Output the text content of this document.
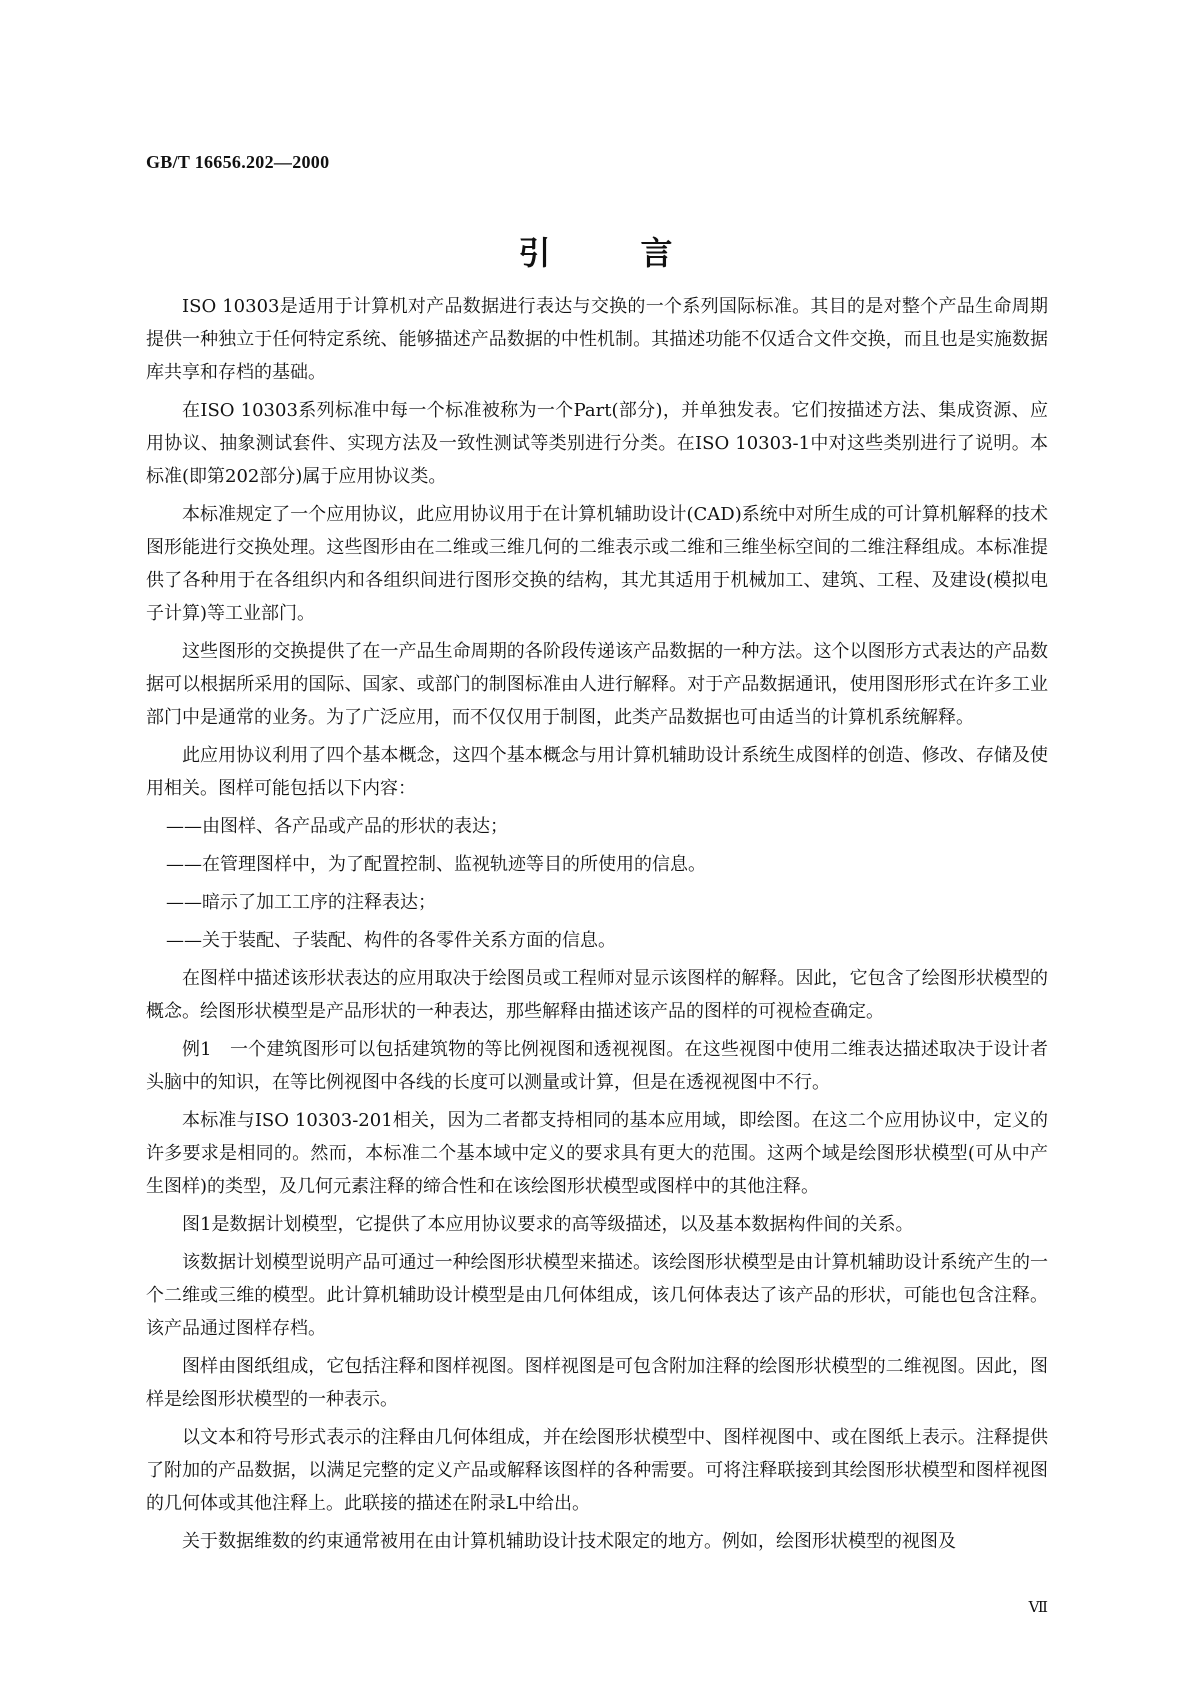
GB/T 16656.202—2000
引言

ISO 10303是适用于计算机对产品数据进行表达与交换的一个系列国际标准。其目的是对整个产品生命周期提供一种独立于任何特定系统、能够描述产品数据的中性机制。其描述功能不仅适合文件交换，而且也是实施数据库共享和存档的基础。

在ISO 10303系列标准中每一个标准被称为一个Part(部分)，并单独发表。它们按描述方法、集成资源、应用协议、抽象测试套件、实现方法及一致性测试等类别进行分类。在ISO 10303-1中对这些类别进行了说明。本标准(即第202部分)属于应用协议类。

本标准规定了一个应用协议，此应用协议用于在计算机辅助设计(CAD)系统中对所生成的可计算机解释的技术图形能进行交换处理。这些图形由在二维或三维几何的二维表示或二维和三维坐标空间的二维注释组成。本标准提供了各种用于在各组织内和各组织间进行图形交换的结构，其尤其适用于机械加工、建筑、工程、及建设(模拟电子计算)等工业部门。

这些图形的交换提供了在一产品生命周期的各阶段传递该产品数据的一种方法。这个以图形方式表达的产品数据可以根据所采用的国际、国家、或部门的制图标准由人进行解释。对于产品数据通讯，使用图形形式在许多工业部门中是通常的业务。为了广泛应用，而不仅仅用于制图，此类产品数据也可由适当的计算机系统解释。

此应用协议利用了四个基本概念，这四个基本概念与用计算机辅助设计系统生成图样的创造、修改、存储及使用相关。图样可能包括以下内容：

——由图样、各产品或产品的形状的表达；

——在管理图样中，为了配置控制、监视轨迹等目的所使用的信息。

——暗示了加工工序的注释表达；

——关于装配、子装配、构件的各零件关系方面的信息。

在图样中描述该形状表达的应用取决于绘图员或工程师对显示该图样的解释。因此，它包含了绘图形状模型的概念。绘图形状模型是产品形状的一种表达，那些解释由描述该产品的图样的可视检查确定。

例1　一个建筑图形可以包括建筑物的等比例视图和透视视图。在这些视图中使用二维表达描述取决于设计者头脑中的知识，在等比例视图中各线的长度可以测量或计算，但是在透视视图中不行。

本标准与ISO 10303-201相关，因为二者都支持相同的基本应用域，即绘图。在这二个应用协议中，定义的许多要求是相同的。然而，本标准二个基本域中定义的要求具有更大的范围。这两个域是绘图形状模型(可从中产生图样)的类型，及几何元素注释的缔合性和在该绘图形状模型或图样中的其他注释。

图1是数据计划模型，它提供了本应用协议要求的高等级描述，以及基本数据构件间的关系。

该数据计划模型说明产品可通过一种绘图形状模型来描述。该绘图形状模型是由计算机辅助设计系统产生的一个二维或三维的模型。此计算机辅助设计模型是由几何体组成，该几何体表达了该产品的形状，可能也包含注释。该产品通过图样存档。

图样由图纸组成，它包括注释和图样视图。图样视图是可包含附加注释的绘图形状模型的二维视图。因此，图样是绘图形状模型的一种表示。

以文本和符号形式表示的注释由几何体组成，并在绘图形状模型中、图样视图中、或在图纸上表示。注释提供了附加的产品数据，以满足完整的定义产品或解释该图样的各种需要。可将注释联接到其绘图形状模型和图样视图的几何体或其他注释上。此联接的描述在附录L中给出。

关于数据维数的约束通常被用在由计算机辅助设计技术限定的地方。例如，绘图形状模型的视图及

Ⅶ
